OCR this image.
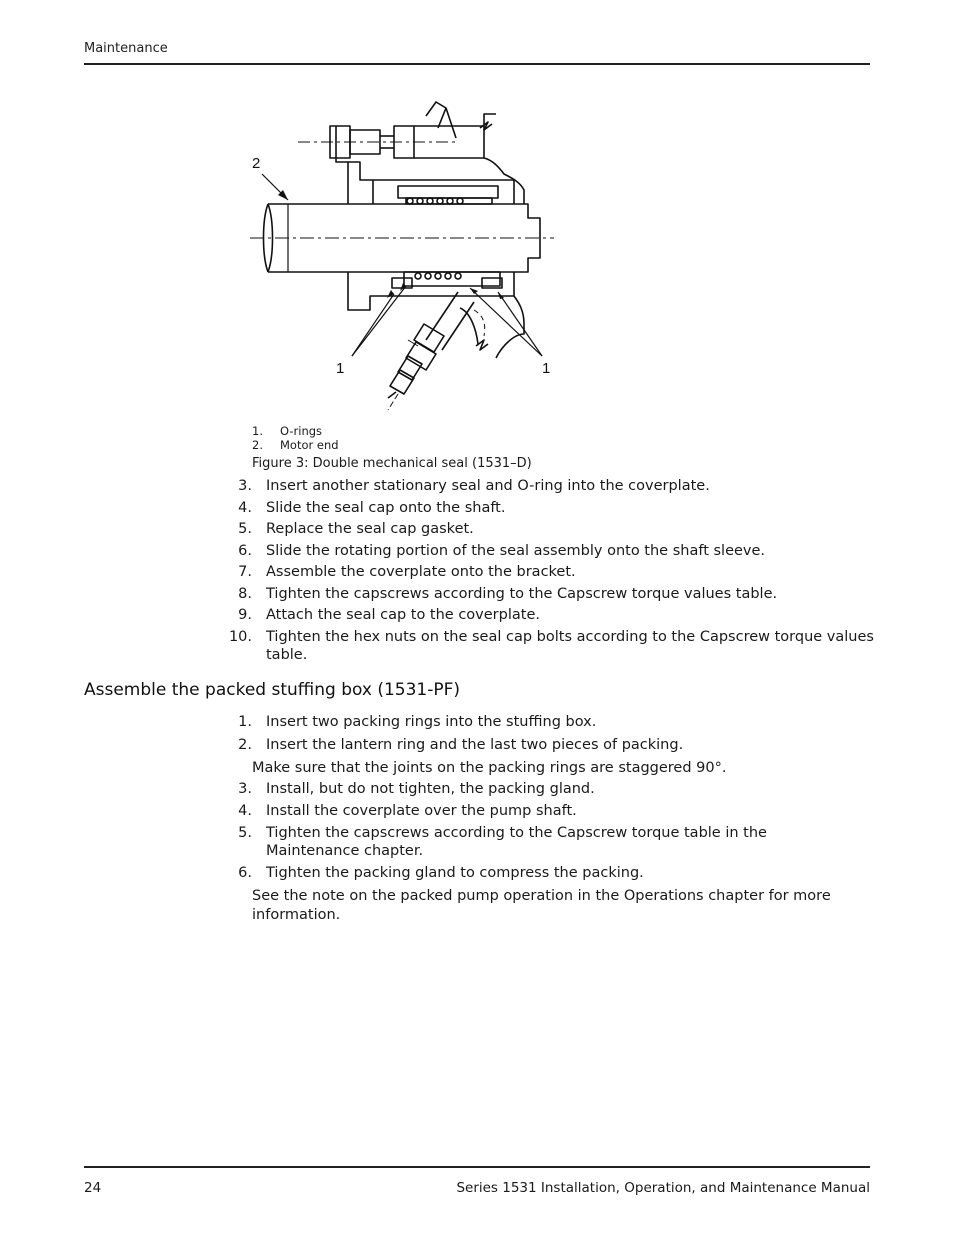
Maintenance
2
1	1
1.	O-rings
2.	Motor end
Figure 3: Double mechanical seal (1531–D)
3. Insert another stationary seal and O-ring into the coverplate.
4. Slide the seal cap onto the shaft.
5. Replace the seal cap gasket.
6. Slide the rotating portion of the seal assembly onto the shaft sleeve.
7. Assemble the coverplate onto the bracket.
8. Tighten the capscrews according to the Capscrew torque values table.
9. Attach the seal cap to the coverplate.
10. Tighten the hex nuts on the seal cap bolts according to the Capscrew torque values table.
Assemble the packed stuffing box (1531-PF)
1. Insert two packing rings into the stuffing box.
2. Insert the lantern ring and the last two pieces of packing.
Make sure that the joints on the packing rings are staggered 90°.
3. Install, but do not tighten, the packing gland.
4. Install the coverplate over the pump shaft.
5. Tighten the capscrews according to the Capscrew torque table in the Maintenance chapter.
6. Tighten the packing gland to compress the packing.
See the note on the packed pump operation in the Operations chapter for more information.
24	Series 1531 Installation, Operation, and Maintenance Manual
